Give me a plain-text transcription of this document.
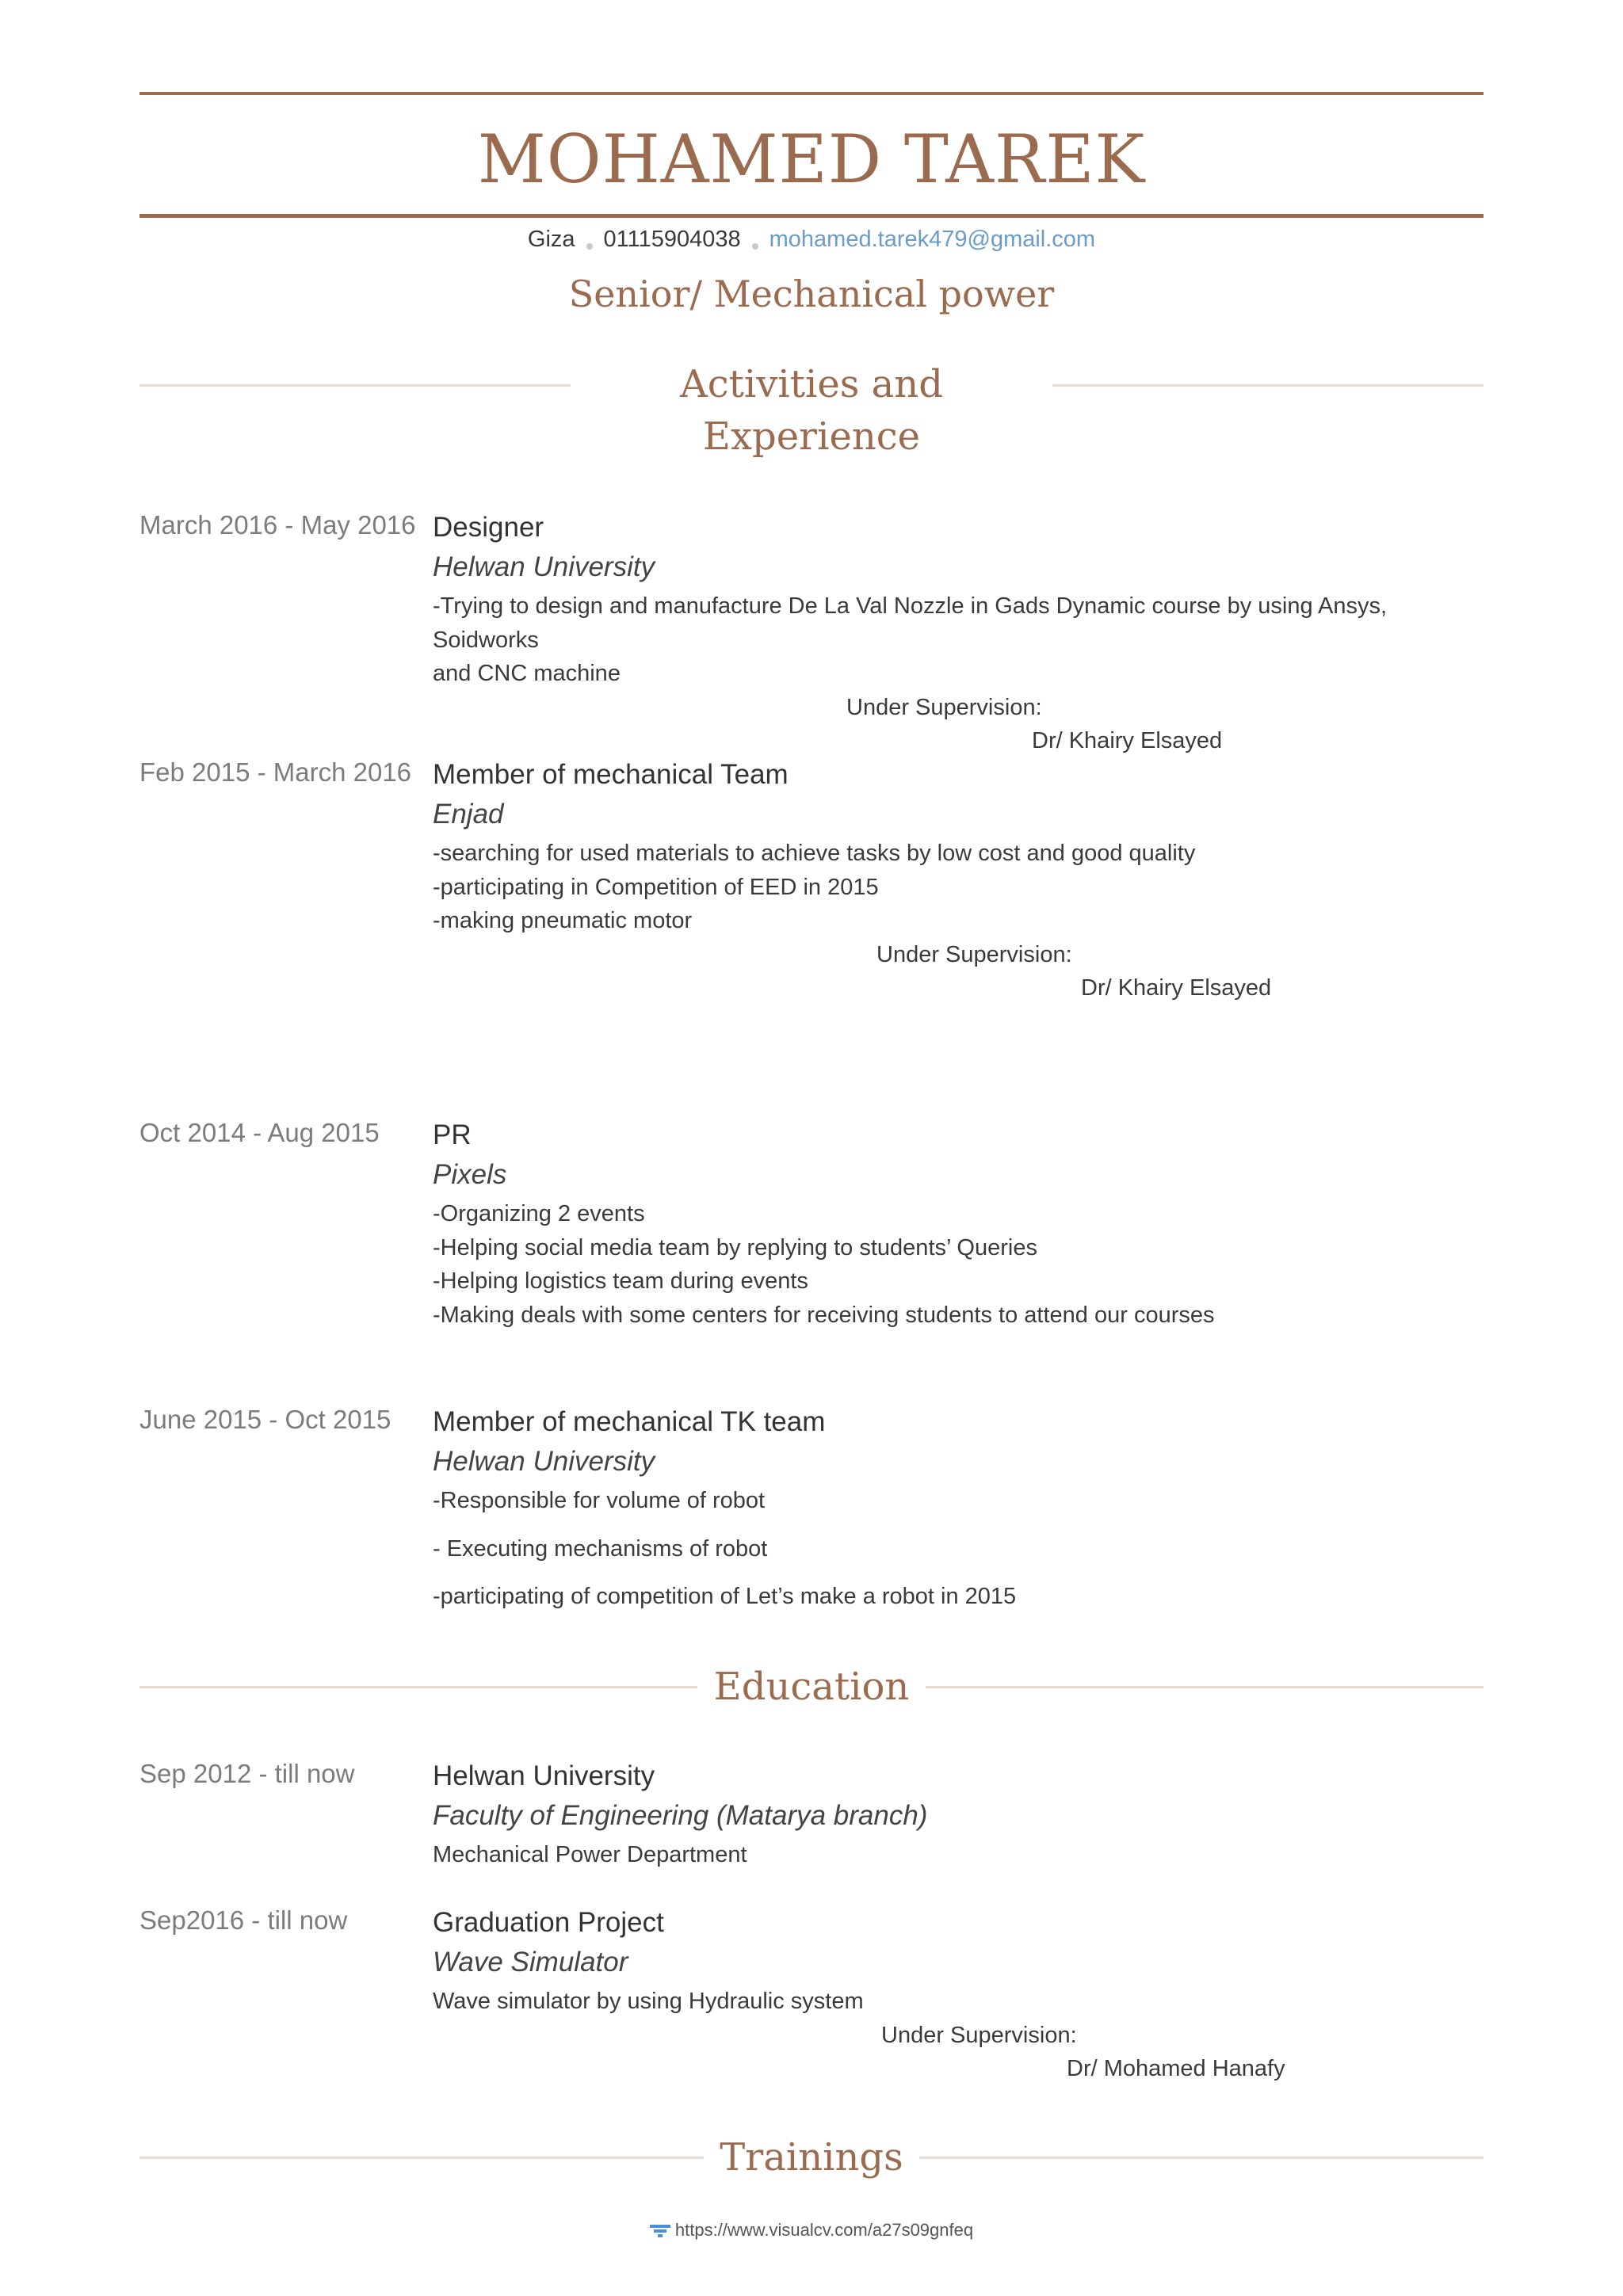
MOHAMED TAREK
Giza 01115904038 mohamed.tarek479@gmail.com
Senior/ Mechanical power
Activities and
Experience
March 2016 - May 2016 Designer
Helwan University
-Trying to design and manufacture De La Val Nozzle in Gads Dynamic course by using Ansys, Soidworks
and CNC machine
Under Supervision:
Dr/ Khairy Elsayed
Feb 2015 - March 2016 Member of mechanical Team
Enjad
-searching for used materials to achieve tasks by low cost and good quality
-participating in Competition of EED in 2015
-making pneumatic motor
Under Supervision:
Dr/ Khairy Elsayed
Oct 2014 - Aug 2015 PR
Pixels
-Organizing 2 events
-Helping social media team by replying to students’ Queries
-Helping logistics team during events
-Making deals with some centers for receiving students to attend our courses
June 2015 - Oct 2015 Member of mechanical TK team
Helwan University
-Responsible for volume of robot
- Executing mechanisms of robot
-participating of competition of Let’s make a robot in 2015
Education
Sep 2012 - till now	Helwan University
Faculty of Engineering (Matarya branch)
Mechanical Power Department
Sep2016 - till now	Graduation Project
Wave Simulator
Wave simulator by using Hydraulic system
Under Supervision:
Dr/ Mohamed Hanafy
Trainings
https://www.visualcv.com/a27s09gnfeq
